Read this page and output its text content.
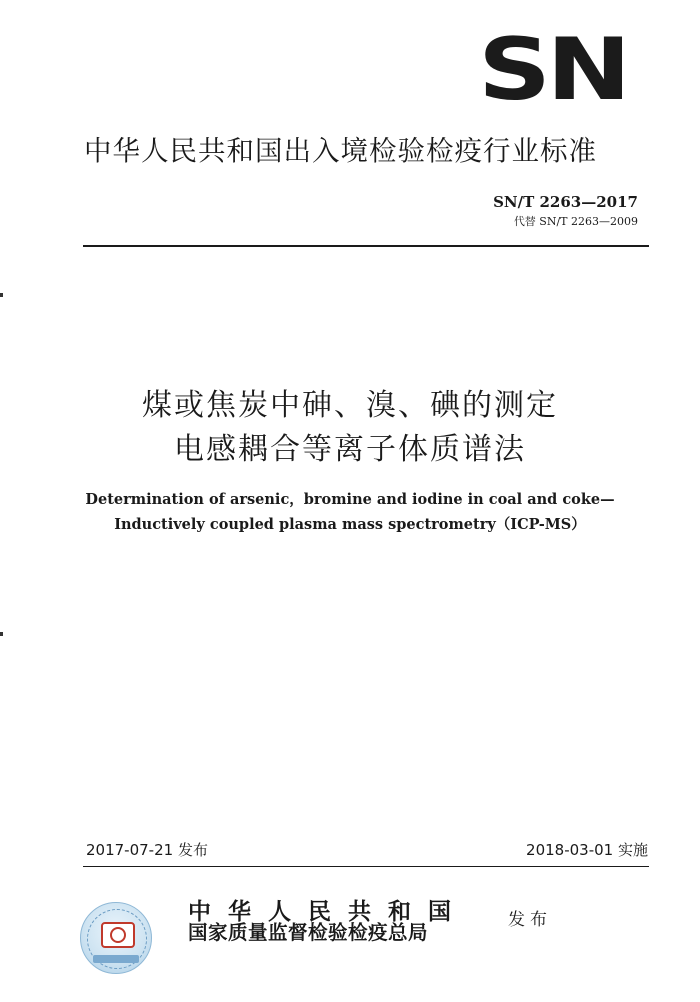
SN
中华人民共和国出入境检验检疫行业标准
SN/T 2263—2017
代替 SN/T 2263—2009
煤或焦炭中砷、溴、碘的测定
电感耦合等离子体质谱法
Determination of arsenic，bromine and iodine in coal and coke—
Inductively coupled plasma mass spectrometry（ICP-MS）
2017-07-21 发布	2018-03-01 实施
中华人民共和国
国家质量监督检验检疫总局
发布
